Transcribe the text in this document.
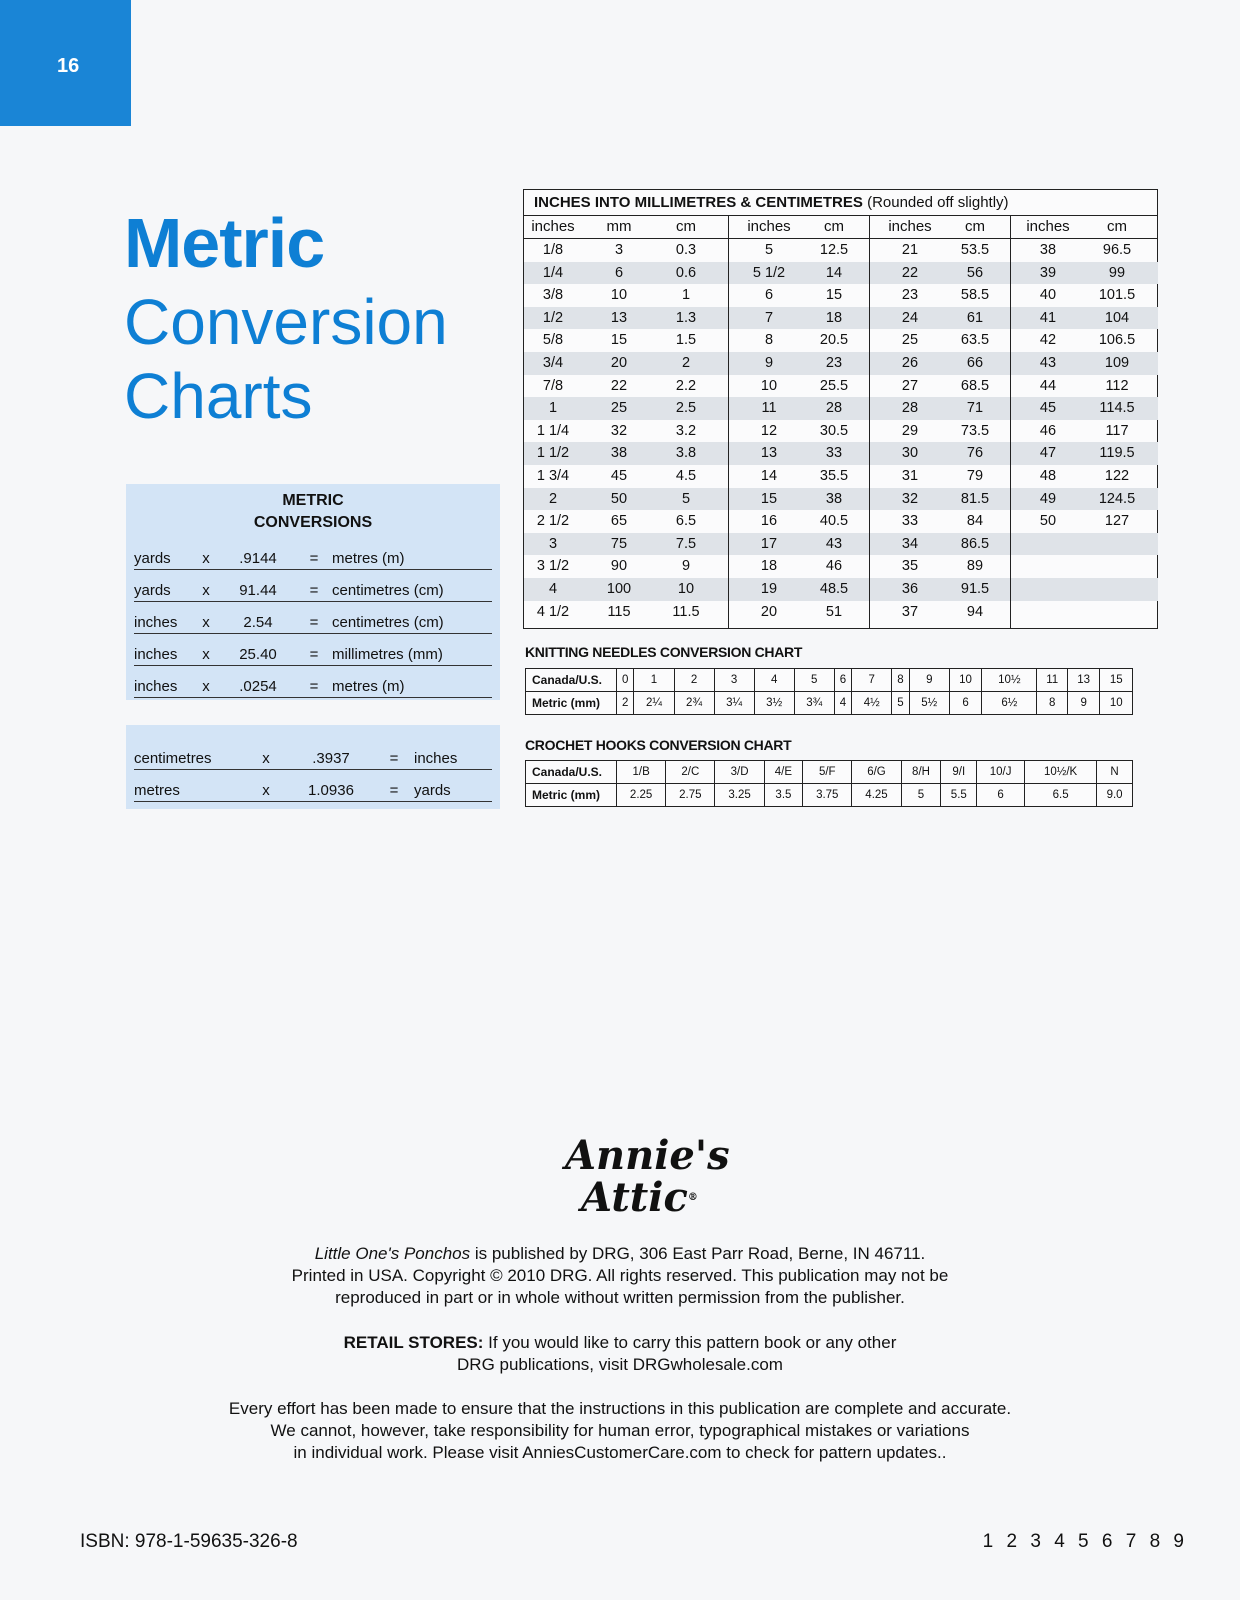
16
Metric
Conversion
Charts
METRIC
CONVERSIONS
yards	x	.9144	=	metres (m)
yards	x	91.44	=	centimetres (cm)
inches	x	2.54	=	centimetres (cm)
inches	x	25.40	=	millimetres (mm)
inches	x	.0254	=	metres (m)
centimetres	x	.3937	=	inches
metres	x	1.0936	=	yards
INCHES INTO MILLIMETRES & CENTIMETRES (Rounded off slightly)
inches	mm	cm
1/8	3	0.3
1/4	6	0.6
3/8	10	1
1/2	13	1.3
5/8	15	1.5
3/4	20	2
7/8	22	2.2
1	25	2.5
1 1/4	32	3.2
1 1/2	38	3.8
1 3/4	45	4.5
2	50	5
2 1/2	65	6.5
3	75	7.5
3 1/2	90	9
4	100	10
4 1/2	115	11.5
inches	cm
5	12.5
5 1/2	14
6	15
7	18
8	20.5
9	23
10	25.5
11	28
12	30.5
13	33
14	35.5
15	38
16	40.5
17	43
18	46
19	48.5
20	51
inches	cm
21	53.5
22	56
23	58.5
24	61
25	63.5
26	66
27	68.5
28	71
29	73.5
30	76
31	79
32	81.5
33	84
34	86.5
35	89
36	91.5
37	94
inches	cm
38	96.5
39	99
40	101.5
41	104
42	106.5
43	109
44	112
45	114.5
46	117
47	119.5
48	122
49	124.5
50	127
KNITTING NEEDLES CONVERSION CHART
Canada/U.S.	0	1	2	3	4	5	6	7	8	9	10	10½	11	13	15
Metric (mm)	2	2¼	2¾	3¼	3½	3¾	4	4½	5	5½	6	6½	8	9	10
CROCHET HOOKS CONVERSION CHART
Canada/U.S.	1/B	2/C	3/D	4/E	5/F	6/G	8/H	9/I	10/J	10½/K	N
Metric (mm)	2.25	2.75	3.25	3.5	3.75	4.25	5	5.5	6	6.5	9.0
Annie's
Attic®
Little One's Ponchos is published by DRG, 306 East Parr Road, Berne, IN 46711.
Printed in USA. Copyright © 2010 DRG. All rights reserved. This publication may not be
reproduced in part or in whole without written permission from the publisher.
RETAIL STORES: If you would like to carry this pattern book or any other
DRG publications, visit DRGwholesale.com
Every effort has been made to ensure that the instructions in this publication are complete and accurate.
We cannot, however, take responsibility for human error, typographical mistakes or variations
in individual work. Please visit AnniesCustomerCare.com to check for pattern updates..
ISBN: 978-1-59635-326-8	1 2 3 4 5 6 7 8 9
